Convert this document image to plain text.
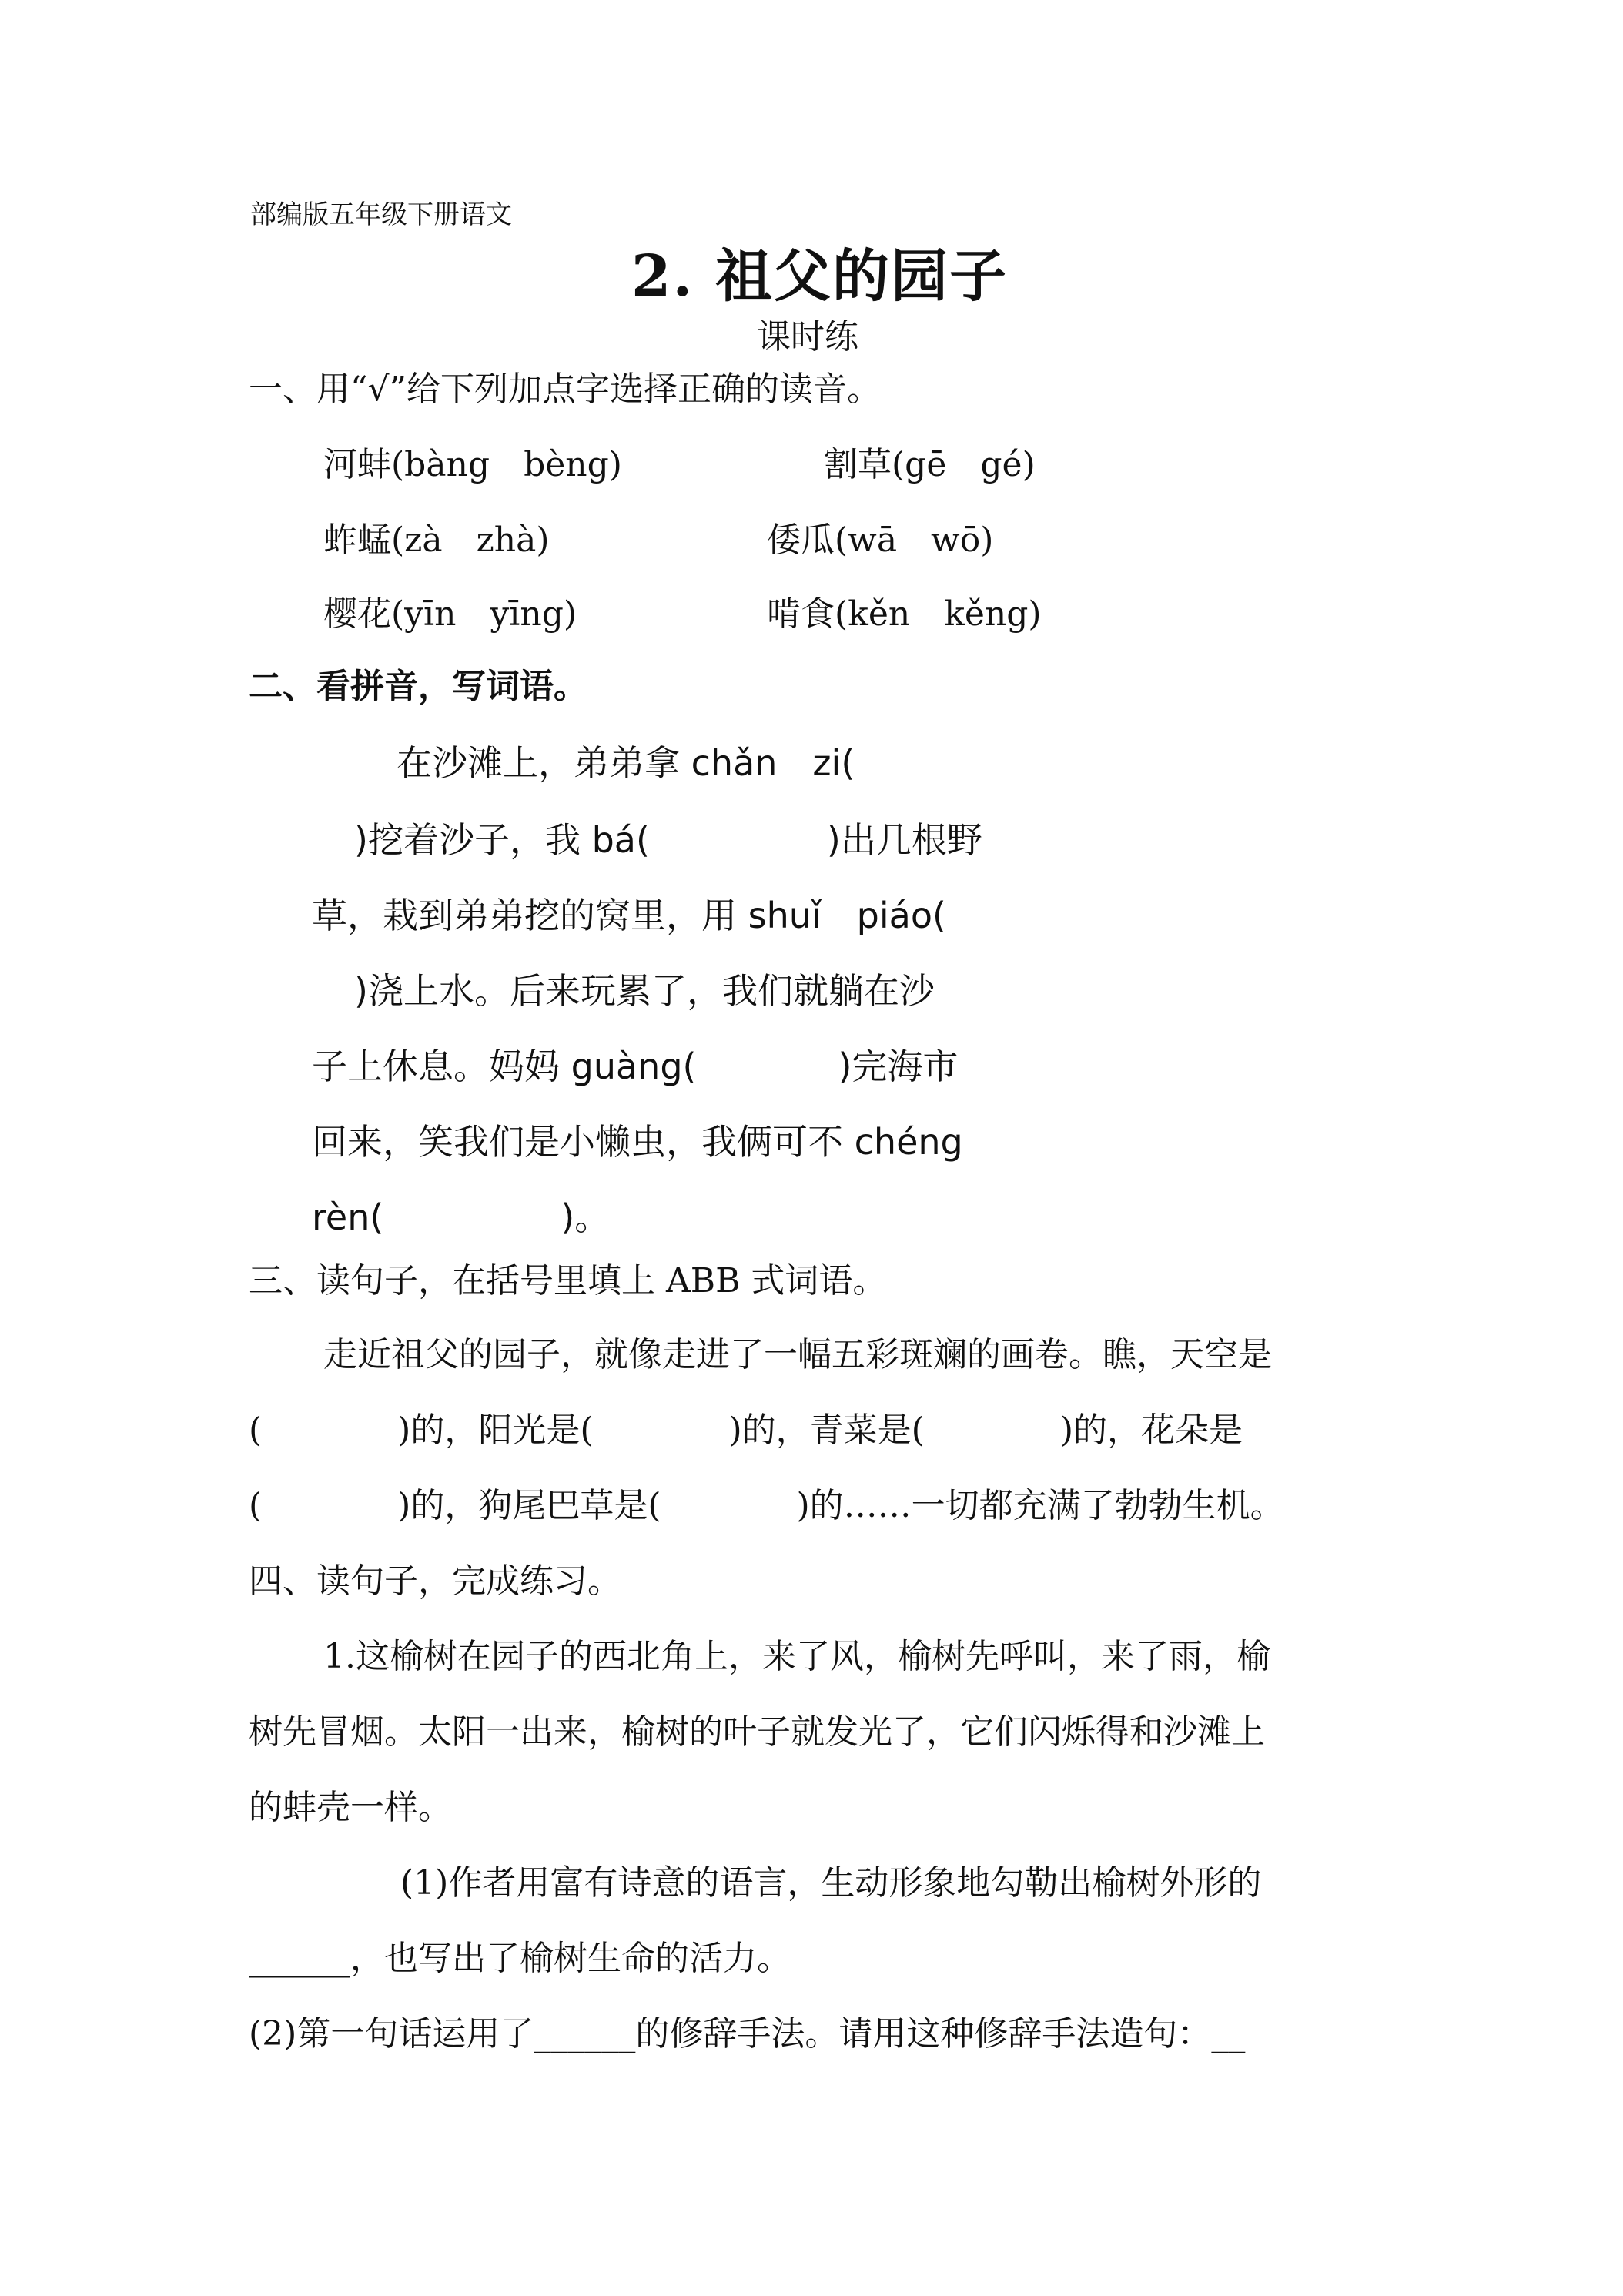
部编版五年级下册语文
2. 祖父的园子
课时练
一、用“√”给下列加点字选择正确的读音。
河蚌(bàng　bèng)	割草(gē　gé)
蚱蜢(zà　zhà)	倭瓜(wā　wō)
樱花(yīn　yīng)	啃食(kěn　kěng)
二、看拼音，写词语。
在沙滩上，弟弟拿 chǎn　zi(
)挖着沙子，我 bá(　　　　　)出几根野
草，栽到弟弟挖的窝里，用 shuǐ　piáo(
)浇上水。后来玩累了，我们就躺在沙
子上休息。妈妈 guàng(　　　　)完海市
回来，笑我们是小懒虫，我俩可不 chéng
rèn(　　　　　)。
三、读句子，在括号里填上 ABB 式词语。
走近祖父的园子，就像走进了一幅五彩斑斓的画卷。瞧，天空是
(　　　　)的，阳光是(　　　　)的，青菜是(　　　　)的，花朵是
(　　　　)的，狗尾巴草是(　　　　)的……一切都充满了勃勃生机。
四、读句子，完成练习。
1.这榆树在园子的西北角上，来了风，榆树先呼叫，来了雨，榆
树先冒烟。太阳一出来，榆树的叶子就发光了，它们闪烁得和沙滩上
的蚌壳一样。
(1)作者用富有诗意的语言，生动形象地勾勒出榆树外形的
______，也写出了榆树生命的活力。
(2)第一句话运用了______的修辞手法。请用这种修辞手法造句：__
